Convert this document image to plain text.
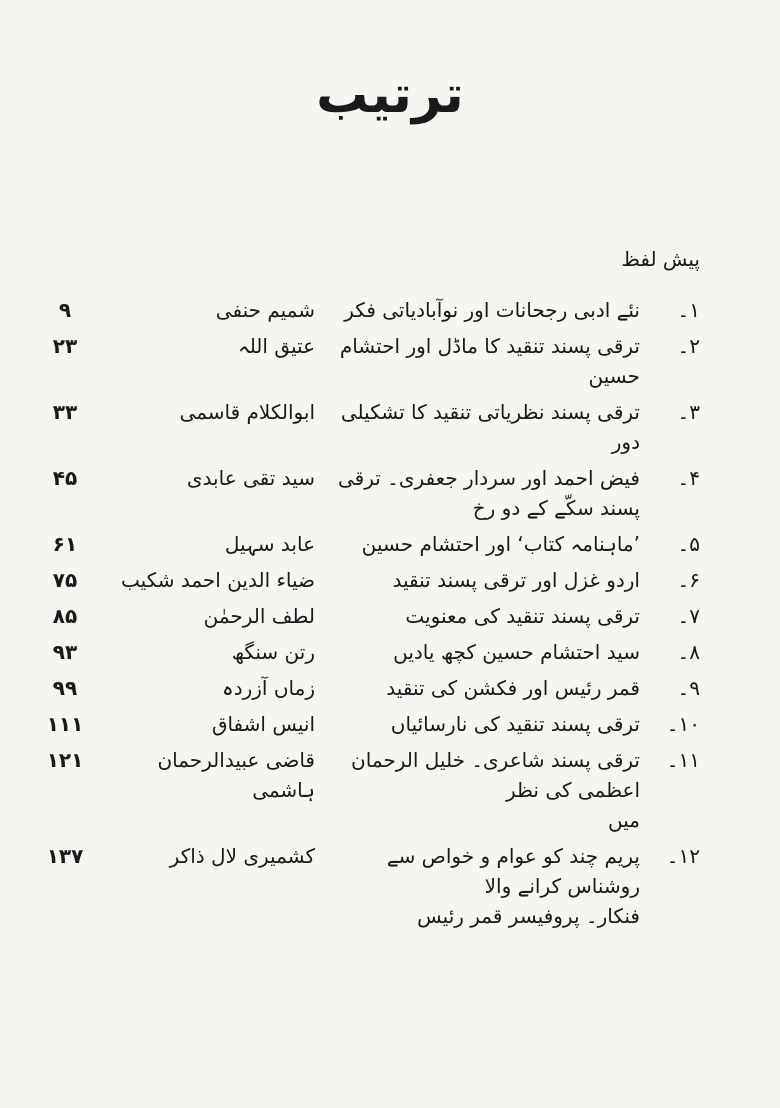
ترتیب
پیش لفظ
۱۔
نئے ادبی رجحانات اور نوآبادیاتی فکر
شمیم حنفی
۹
۲۔
ترقی پسند تنقید کا ماڈل اور احتشام حسین
عتیق اللہ
۲۳
۳۔
ترقی پسند نظریاتی تنقید کا تشکیلی دور
ابوالکلام قاسمی
۳۳
۴۔
فیض احمد اور سردار جعفری۔ ترقی پسند سکّے کے دو رخ
سید تقی عابدی
۴۵
۵۔
’ماہنامہ کتاب‘ اور احتشام حسین
عابد سہیل
۶۱
۶۔
اردو غزل اور ترقی پسند تنقید
ضیاء الدین احمد شکیب
۷۵
۷۔
ترقی پسند تنقید کی معنویت
لطف الرحمٰن
۸۵
۸۔
سید احتشام حسین کچھ یادیں
رتن سنگھ
۹۳
۹۔
قمر رئیس اور فکشن کی تنقید
زماں آزردہ
۹۹
۱۰۔
ترقی پسند تنقید کی نارسائیاں
انیس اشفاق
۱۱۱
۱۱۔
ترقی پسند شاعری۔ خلیل الرحمان اعظمی کی نظر
میں
قاضی عبیدالرحمان ہاشمی
۱۲۱
۱۲۔
پریم چند کو عوام و خواص سے روشناس کرانے والا
فنکار۔ پروفیسر قمر رئیس
کشمیری لال ذاکر
۱۳۷
